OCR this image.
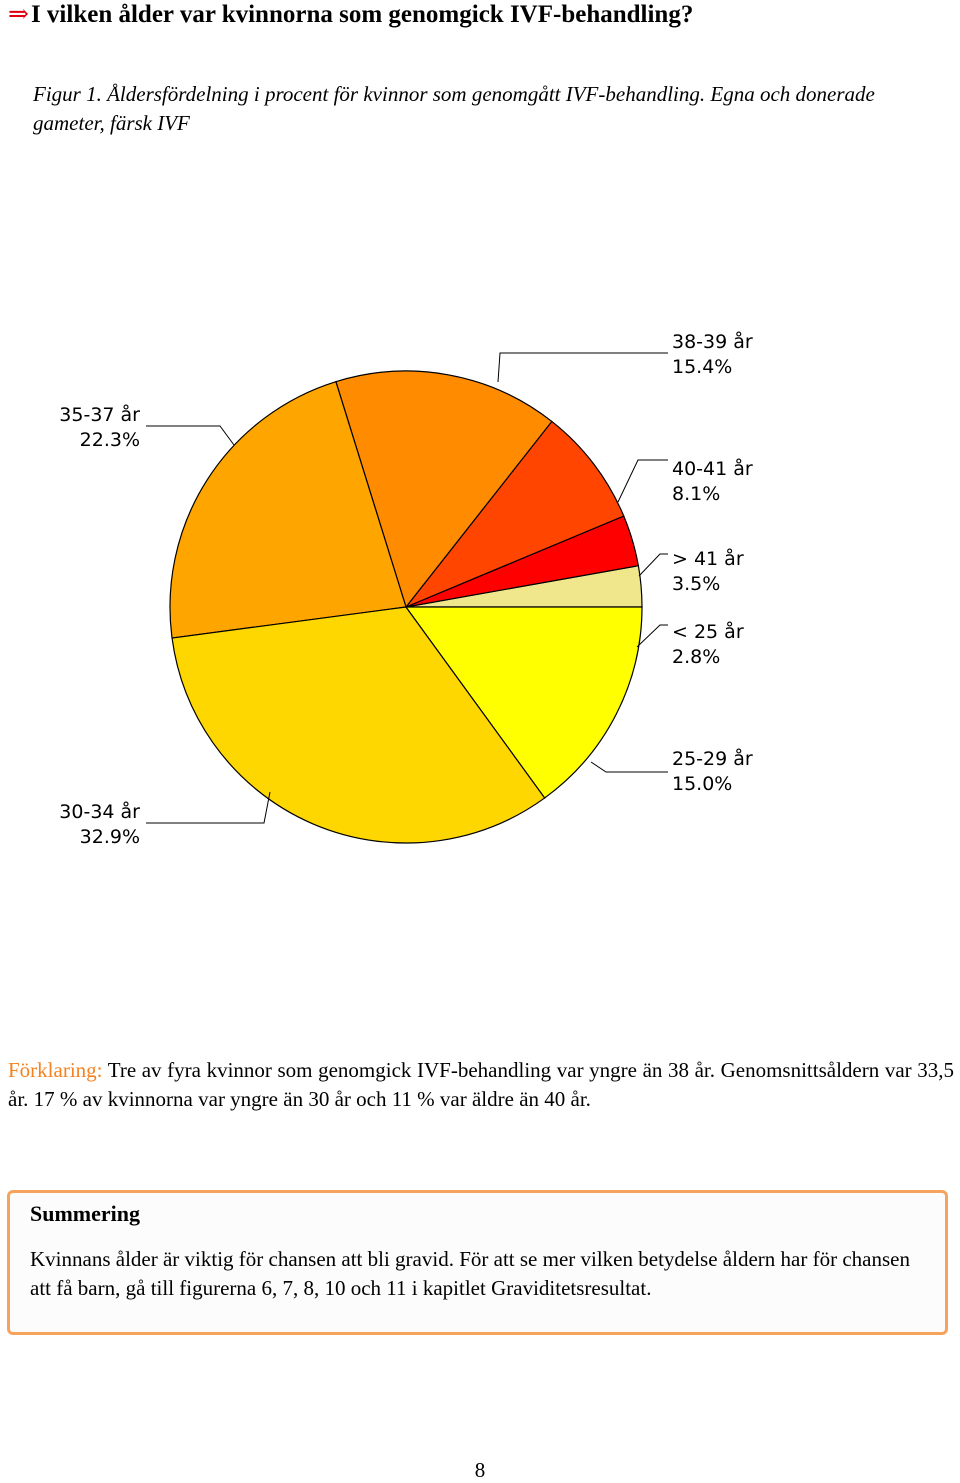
⇒I vilken ålder var kvinnorna som genomgick IVF-behandling?
Figur 1. Åldersfördelning i procent för kvinnor som genomgått IVF-behandling. Egna och donerade gameter, färsk IVF
< 25 år
2.8%
> 41 år
3.5%
40-41 år
8.1%
38-39 år
15.4%
35-37 år
22.3%
30-34 år
32.9%
25-29 år
15.0%
Förklaring: Tre av fyra kvinnor som genomgick IVF-behandling var yngre än 38 år. Genomsnittsåldern var 33,5 år. 17 % av kvinnorna var yngre än 30 år och 11 % var äldre än 40 år.
Summering
Kvinnans ålder är viktig för chansen att bli gravid. För att se mer vilken betydelse åldern har för chansen att få barn, gå till figurerna 6, 7, 8, 10 och 11 i kapitlet Graviditetsresultat.
8
